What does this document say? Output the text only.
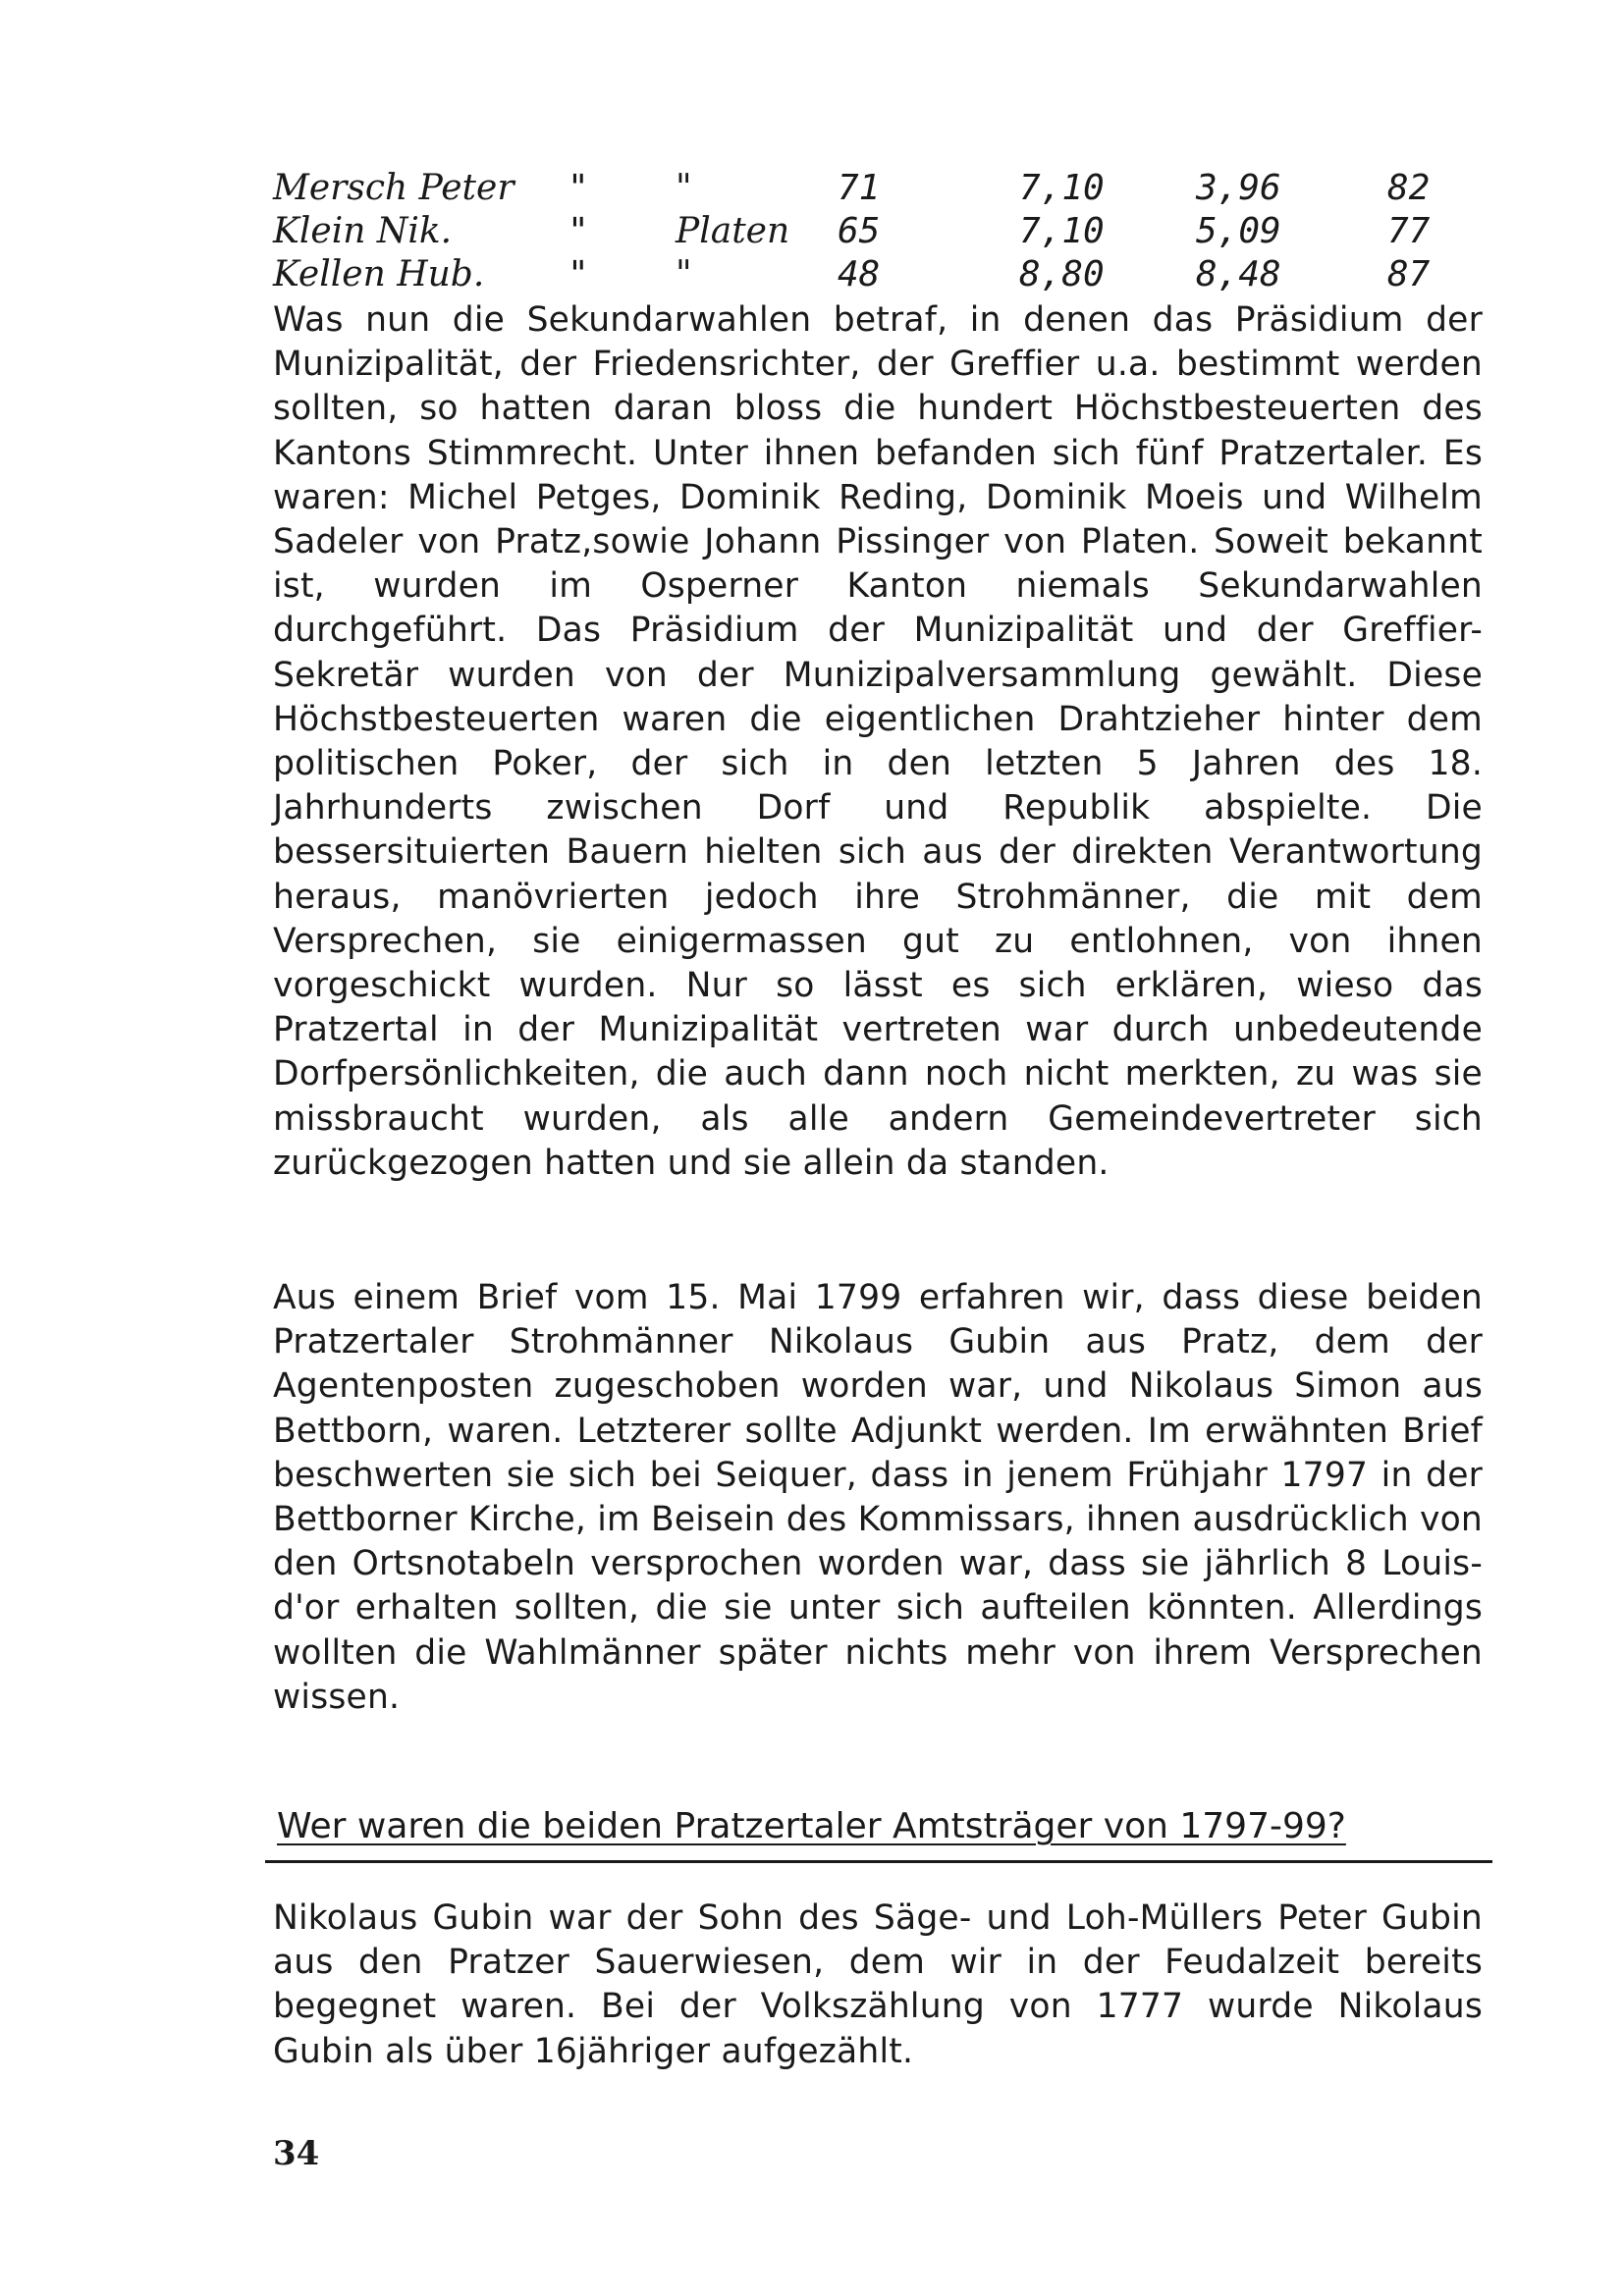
Mersch Peter " "	71	7,10	3,96	82
Klein Nik.	" Platen 65	7,10	5,09	77
Kellen Hub. " "	48	8,80	8,48	87

Was nun die Sekundarwahlen betraf, in denen das Präsidium der Munizipalität, der Friedensrichter, der Greffier u.a. bestimmt werden sollten, so hatten daran bloss die hundert Höchstbesteuerten des Kantons Stimmrecht. Unter ihnen befanden sich fünf Pratzertaler. Es waren: Michel Petges, Dominik Reding, Dominik Moeis und Wilhelm Sadeler von Pratz,sowie Johann Pissinger von Platen. Soweit bekannt ist, wurden im Osperner Kanton niemals Sekundarwahlen durchgeführt. Das Präsidium der Munizipalität und der Greffier-Sekretär wurden von der Munizipalversammlung gewählt. Diese Höchstbesteuerten waren die eigentlichen Drahtzieher hinter dem politischen Poker, der sich in den letzten 5 Jahren des 18. Jahrhunderts zwischen Dorf und Republik abspielte. Die bessersituierten Bauern hielten sich aus der direkten Verantwortung heraus, manövrierten jedoch ihre Strohmänner, die mit dem Versprechen, sie einigermassen gut zu entlohnen, von ihnen vorgeschickt wurden. Nur so lässt es sich erklären, wieso das Pratzertal in der Munizipalität vertreten war durch unbedeutende Dorfpersönlichkeiten, die auch dann noch nicht merkten, zu was sie missbraucht wurden, als alle andern Gemeindevertreter sich zurückgezogen hatten und sie allein da standen.

Aus einem Brief vom 15. Mai 1799 erfahren wir, dass diese beiden Pratzertaler Strohmänner Nikolaus Gubin aus Pratz, dem der Agentenposten zugeschoben worden war, und Nikolaus Simon aus Bettborn, waren. Letzterer sollte Adjunkt werden. Im erwähnten Brief beschwerten sie sich bei Seiquer, dass in jenem Frühjahr 1797 in der Bettborner Kirche, im Beisein des Kommissars, ihnen ausdrücklich von den Ortsnotabeln versprochen worden war, dass sie jährlich 8 Louis-d'or erhalten sollten, die sie unter sich aufteilen könnten. Allerdings wollten die Wahlmänner später nichts mehr von ihrem Versprechen wissen.

Wer waren die beiden Pratzertaler Amtsträger von 1797-99?

Nikolaus Gubin war der Sohn des Säge- und Loh-Müllers Peter Gubin aus den Pratzer Sauerwiesen, dem wir in der Feudalzeit bereits begegnet waren. Bei der Volkszählung von 1777 wurde Nikolaus Gubin als über 16jähriger aufgezählt.

34
